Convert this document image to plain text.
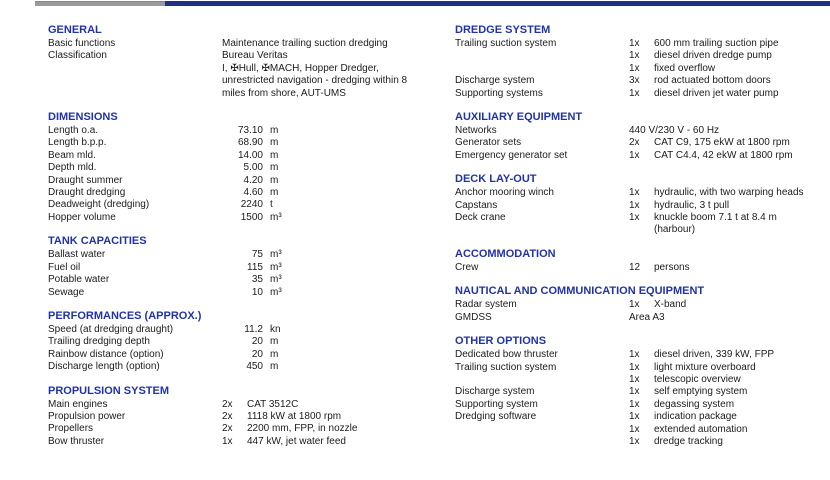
GENERAL
Basic functions	Maintenance trailing suction dredging
Classification	Bureau Veritas
I, ✠Hull, ✠MACH, Hopper Dredger,
unrestricted navigation - dredging within 8
miles from shore, AUT-UMS
DIMENSIONS
Length o.a.	73.10 m
Length b.p.p.	68.90 m
Beam mld.	14.00 m
Depth mld.	5.00 m
Draught summer	4.20 m
Draught dredging	4.60 m
Deadweight (dredging)	2240 t
Hopper volume	1500 m³
TANK CAPACITIES
Ballast water	75 m³
Fuel oil	115 m³
Potable water	35 m³
Sewage	10 m³
PERFORMANCES (APPROX.)
Speed (at dredging draught)	11.2 kn
Trailing dredging depth	20 m
Rainbow distance (option)	20 m
Discharge length (option)	450 m
PROPULSION SYSTEM
Main engines	2x	CAT 3512C
Propulsion power	2x	1118 kW at 1800 rpm
Propellers	2x	2200 mm, FPP, in nozzle
Bow thruster	1x	447 kW, jet water feed
DREDGE SYSTEM
Trailing suction system	1x	600 mm trailing suction pipe
1x	diesel driven dredge pump
1x	fixed overflow
Discharge system	3x	rod actuated bottom doors
Supporting systems	1x	diesel driven jet water pump
AUXILIARY EQUIPMENT
Networks	440 V/230 V - 60 Hz
Generator sets	2x	CAT C9, 175 ekW at 1800 rpm
Emergency generator set	1x	CAT C4.4, 42 ekW at 1800 rpm
DECK LAY-OUT
Anchor mooring winch	1x	hydraulic, with two warping heads
Capstans	1x	hydraulic, 3 t pull
Deck crane	1x	knuckle boom 7.1 t at 8.4 m
(harbour)
ACCOMMODATION
Crew	12	persons
NAUTICAL AND COMMUNICATION EQUIPMENT
Radar system	1x	X-band
GMDSS	Area A3
OTHER OPTIONS
Dedicated bow thruster	1x	diesel driven, 339 kW, FPP
Trailing suction system	1x	light mixture overboard
1x	telescopic overview
Discharge system	1x	self emptying system
Supporting system	1x	degassing system
Dredging software	1x	indication package
1x	extended automation
1x	dredge tracking
